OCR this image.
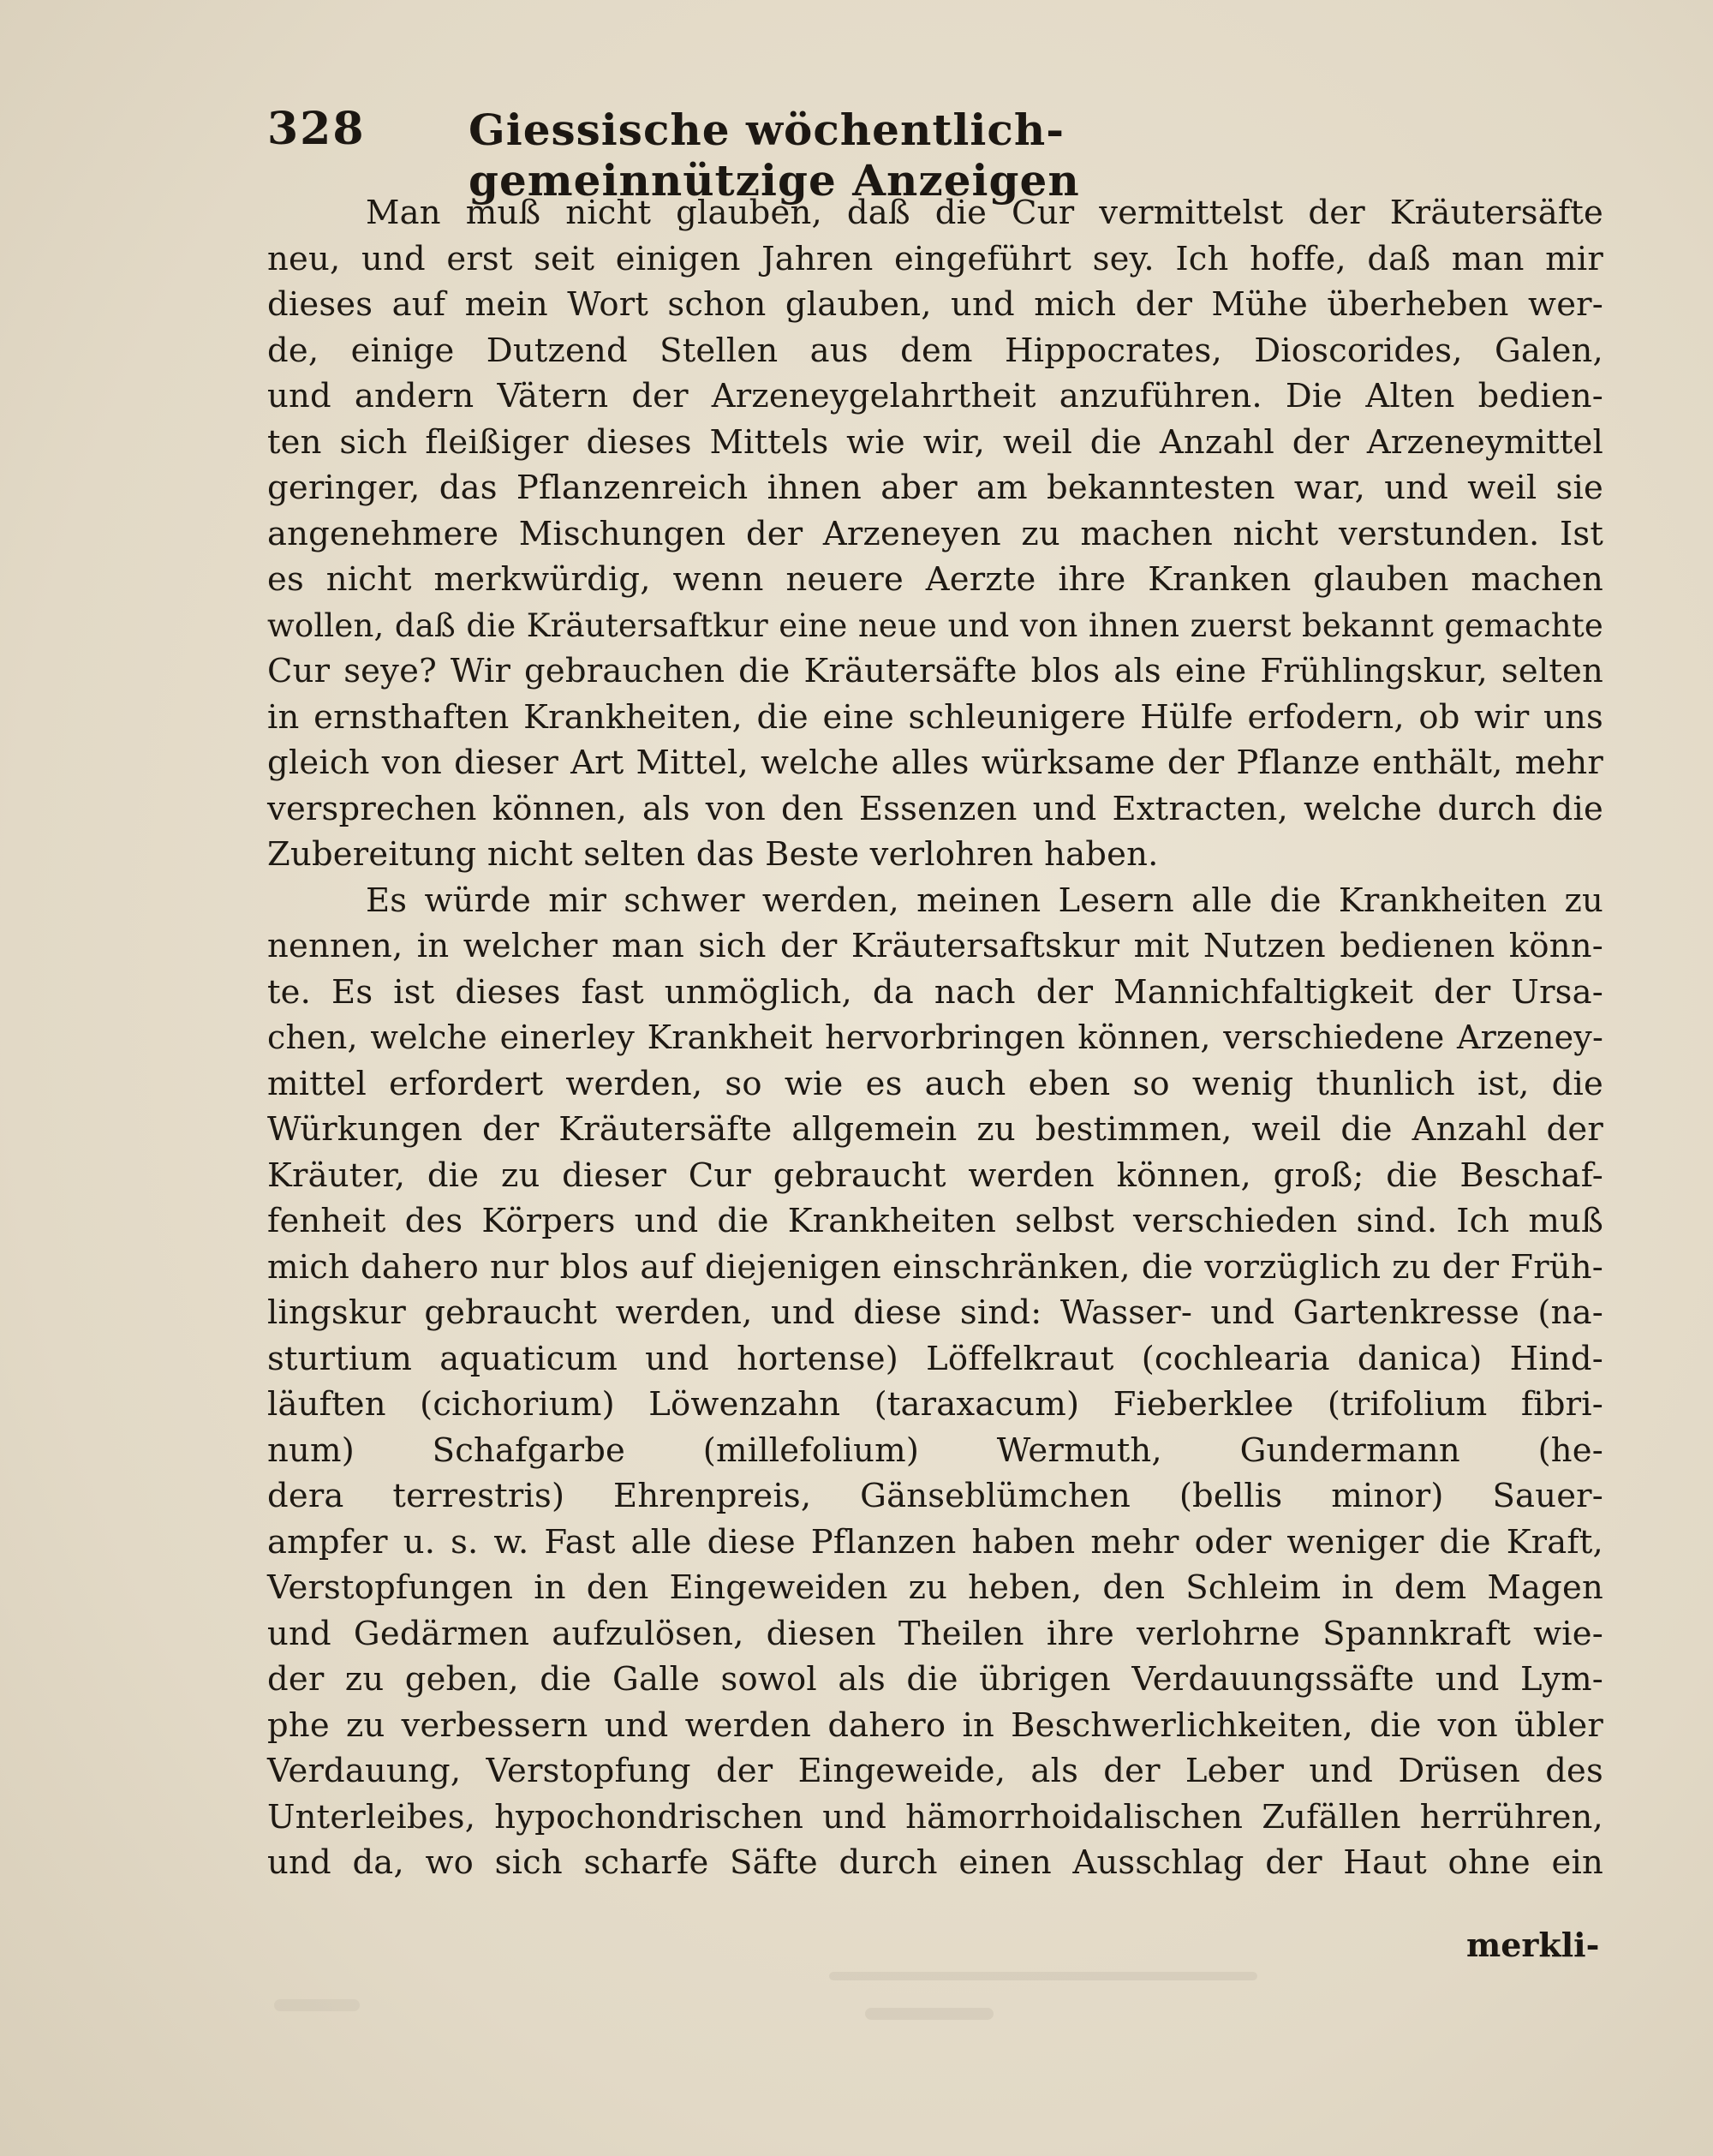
328 Giessische wöchentlich-gemeinnützige Anzeigen
Man muß nicht glauben, daß die Cur vermittelst der Kräutersäfte
neu, und erst seit einigen Jahren eingeführt sey. Ich hoffe, daß man mir
dieses auf mein Wort schon glauben, und mich der Mühe überheben wer-
de, einige Dutzend Stellen aus dem Hippocrates, Dioscorides, Galen,
und andern Vätern der Arzeneygelahrtheit anzuführen. Die Alten bedien-
ten sich fleißiger dieses Mittels wie wir, weil die Anzahl der Arzeneymittel
geringer, das Pflanzenreich ihnen aber am bekanntesten war, und weil sie
angenehmere Mischungen der Arzeneyen zu machen nicht verstunden. Ist
es nicht merkwürdig, wenn neuere Aerzte ihre Kranken glauben machen
wollen, daß die Kräutersaftkur eine neue und von ihnen zuerst bekannt gemachte
Cur seye? Wir gebrauchen die Kräutersäfte blos als eine Frühlingskur, selten
in ernsthaften Krankheiten, die eine schleunigere Hülfe erfodern, ob wir uns
gleich von dieser Art Mittel, welche alles würksame der Pflanze enthält, mehr
versprechen können, als von den Essenzen und Extracten, welche durch die
Zubereitung nicht selten das Beste verlohren haben.
Es würde mir schwer werden, meinen Lesern alle die Krankheiten zu
nennen, in welcher man sich der Kräutersaftskur mit Nutzen bedienen könn-
te. Es ist dieses fast unmöglich, da nach der Mannichfaltigkeit der Ursa-
chen, welche einerley Krankheit hervorbringen können, verschiedene Arzeney-
mittel erfordert werden, so wie es auch eben so wenig thunlich ist, die
Würkungen der Kräutersäfte allgemein zu bestimmen, weil die Anzahl der
Kräuter, die zu dieser Cur gebraucht werden können, groß; die Beschaf-
fenheit des Körpers und die Krankheiten selbst verschieden sind. Ich muß
mich dahero nur blos auf diejenigen einschränken, die vorzüglich zu der Früh-
lingskur gebraucht werden, und diese sind: Wasser- und Gartenkresse (na-
sturtium aquaticum und hortense) Löffelkraut (cochlearia danica) Hind-
läuften (cichorium) Löwenzahn (taraxacum) Fieberklee (trifolium fibri-
num) Schafgarbe (millefolium) Wermuth, Gundermann (he-
dera terrestris) Ehrenpreis, Gänseblümchen (bellis minor) Sauer-
ampfer u. s. w. Fast alle diese Pflanzen haben mehr oder weniger die Kraft,
Verstopfungen in den Eingeweiden zu heben, den Schleim in dem Magen
und Gedärmen aufzulösen, diesen Theilen ihre verlohrne Spannkraft wie-
der zu geben, die Galle sowol als die übrigen Verdauungssäfte und Lym-
phe zu verbessern und werden dahero in Beschwerlichkeiten, die von übler
Verdauung, Verstopfung der Eingeweide, als der Leber und Drüsen des
Unterleibes, hypochondrischen und hämorrhoidalischen Zufällen herrühren,
und da, wo sich scharfe Säfte durch einen Ausschlag der Haut ohne ein
merkli-
